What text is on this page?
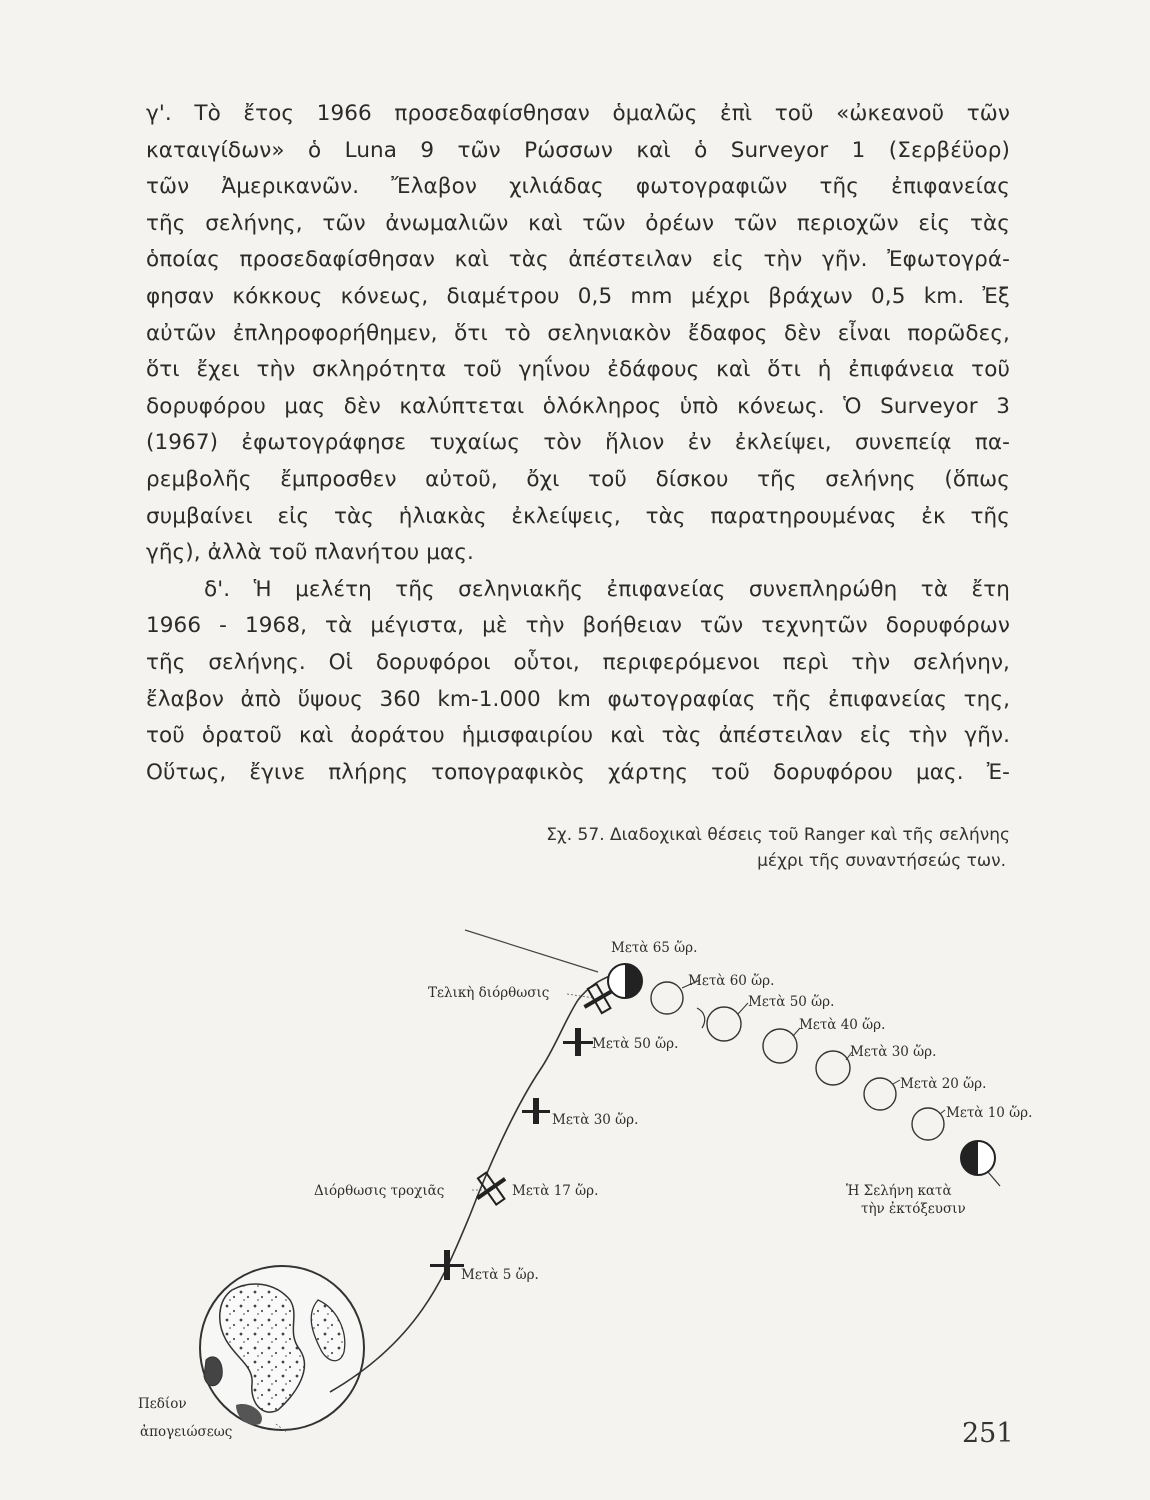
γ'. Τὸ ἔτος 1966 προσεδαφίσθησαν ὁμαλῶς ἐπὶ τοῦ «ὠκεανοῦ τῶν
καταιγίδων» ὁ Luna 9 τῶν Ρώσσων καὶ ὁ Surveyor 1 (Σερβέϋορ)
τῶν Ἀμερικανῶν. Ἔλαβον χιλιάδας φωτογραφιῶν τῆς ἐπιφανείας
τῆς σελήνης, τῶν ἀνωμαλιῶν καὶ τῶν ὀρέων τῶν περιοχῶν εἰς τὰς
ὁποίας προσεδαφίσθησαν καὶ τὰς ἀπέστειλαν εἰς τὴν γῆν. Ἐφωτογρά-
φησαν κόκκους κόνεως, διαμέτρου 0,5 mm μέχρι βράχων 0,5 km. Ἐξ
αὐτῶν ἐπληροφορήθημεν, ὅτι τὸ σεληνιακὸν ἔδαφος δὲν εἶναι πορῶδες,
ὅτι ἔχει τὴν σκληρότητα τοῦ γηΐνου ἐδάφους καὶ ὅτι ἡ ἐπιφάνεια τοῦ
δορυφόρου μας δὲν καλύπτεται ὁλόκληρος ὑπὸ κόνεως. Ὁ Surveyor 3
(1967) ἐφωτογράφησε τυχαίως τὸν ἥλιον ἐν ἐκλείψει, συνεπείᾳ πα-
ρεμβολῆς ἔμπροσθεν αὐτοῦ, ὄχι τοῦ δίσκου τῆς σελήνης (ὅπως
συμβαίνει εἰς τὰς ἡλιακὰς ἐκλείψεις, τὰς παρατηρουμένας ἐκ τῆς
γῆς), ἀλλὰ τοῦ πλανήτου μας.
δ'. Ἡ μελέτη τῆς σεληνιακῆς ἐπιφανείας συνεπληρώθη τὰ ἔτη
1966 - 1968, τὰ μέγιστα, μὲ τὴν βοήθειαν τῶν τεχνητῶν δορυφόρων
τῆς σελήνης. Οἱ δορυφόροι οὗτοι, περιφερόμενοι περὶ τὴν σελήνην,
ἔλαβον ἀπὸ ὕψους 360 km-1.000 km φωτογραφίας τῆς ἐπιφανείας της,
τοῦ ὁρατοῦ καὶ ἀοράτου ἡμισφαιρίου καὶ τὰς ἀπέστειλαν εἰς τὴν γῆν.
Οὕτως, ἔγινε πλήρης τοπογραφικὸς χάρτης τοῦ δορυφόρου μας. Ἐ-
Σχ. 57. Διαδοχικαὶ θέσεις τοῦ Ranger καὶ τῆς σελήνης
μέχρι τῆς συναντήσεώς των.
Μετὰ 65 ὥρ.
Μετὰ 60 ὥρ.
Μετὰ 50 ὥρ.
Μετὰ 40 ὥρ.
Μετὰ 30 ὥρ.
Μετὰ 20 ὥρ.
Μετὰ 10 ὥρ.
Τελικὴ διόρθωσις
Μετὰ 50 ὥρ.
Μετὰ 30 ὥρ.
Διόρθωσις τροχιᾶς	Μετὰ 17 ὥρ.
Μετὰ 5 ὥρ.
Ἡ Σελήνη κατὰ
τὴν ἐκτόξευσιν
Πεδίον
ἀπογειώσεως	251
